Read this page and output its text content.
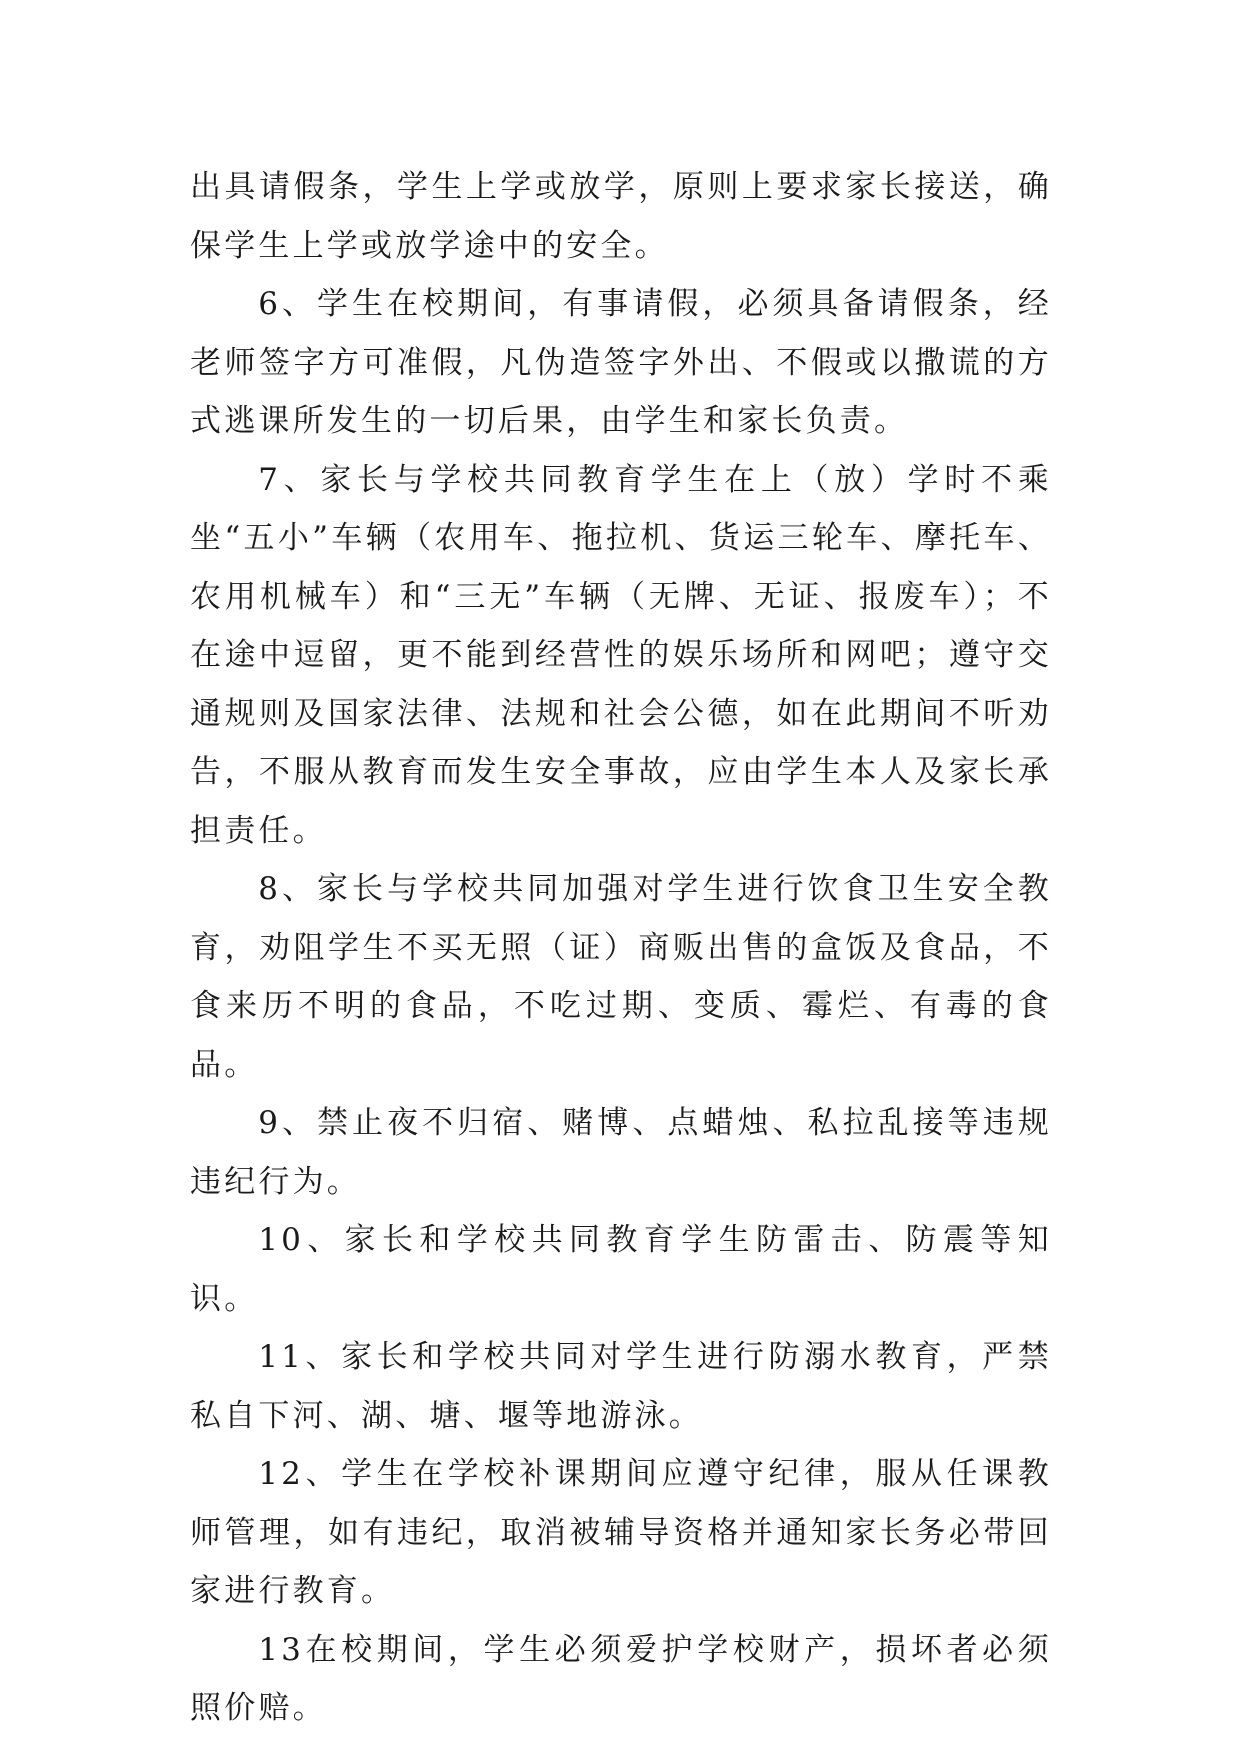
出具请假条，学生上学或放学，原则上要求家长接送，确保学生上学或放学途中的安全。

6、学生在校期间，有事请假，必须具备请假条，经老师签字方可准假，凡伪造签字外出、不假或以撒谎的方式逃课所发生的一切后果，由学生和家长负责。

7、家长与学校共同教育学生在上（放）学时不乘坐“五小”车辆（农用车、拖拉机、货运三轮车、摩托车、农用机械车）和“三无”车辆（无牌、无证、报废车）；不在途中逗留，更不能到经营性的娱乐场所和网吧；遵守交通规则及国家法律、法规和社会公德，如在此期间不听劝告，不服从教育而发生安全事故，应由学生本人及家长承担责任。

8、家长与学校共同加强对学生进行饮食卫生安全教育，劝阻学生不买无照（证）商贩出售的盒饭及食品，不食来历不明的食品，不吃过期、变质、霉烂、有毒的食品。

9、禁止夜不归宿、赌博、点蜡烛、私拉乱接等违规违纪行为。

10、家长和学校共同教育学生防雷击、防震等知识。

11、家长和学校共同对学生进行防溺水教育，严禁私自下河、湖、塘、堰等地游泳。

12、学生在学校补课期间应遵守纪律，服从任课教师管理，如有违纪，取消被辅导资格并通知家长务必带回家进行教育。

13在校期间，学生必须爱护学校财产，损坏者必须照价赔。
